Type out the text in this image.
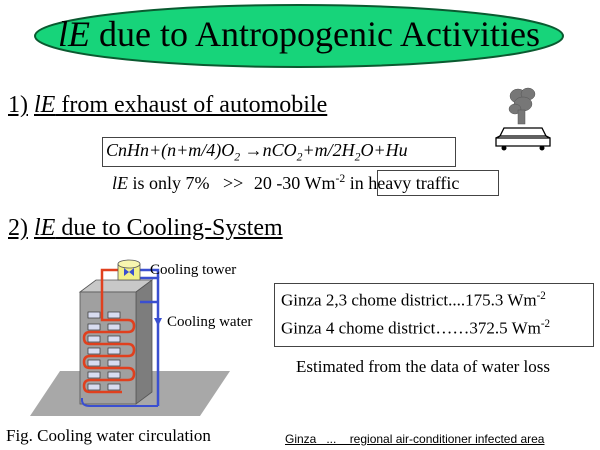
lE due to Antropogenic Activities
1) lE from exhaust of automobile
$CnHn+(n+m/4)O_2 \to nCO_2+m/2H_2O+Hu$
lE is only 7%   >> 20 -30 $Wm^{-2}$ in heavy traffic
2) lE due to Cooling-System
Cooling tower
Cooling water
Ginza 2,3 chome district....175.3 $Wm^{-2}$
Ginza 4 chome district……372.5 $Wm^{-2}$
Estimated from the data of water loss
Fig. Cooling water circulation	Ginza   ...    regional air-conditioner infected area
